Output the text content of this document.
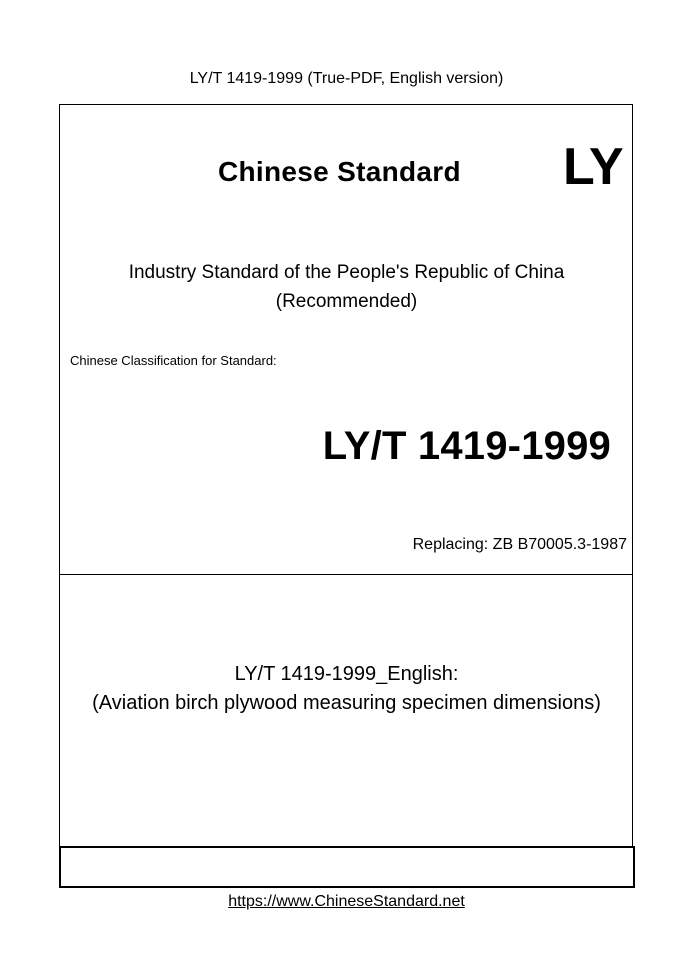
LY/T 1419-1999 (True-PDF, English version)
Chinese Standard LY
Industry Standard of the People's Republic of China
(Recommended)
Chinese Classification for Standard:
LY/T 1419-1999
Replacing: ZB B70005.3-1987
LY/T 1419-1999_English:
(Aviation birch plywood measuring specimen dimensions)
https://www.ChineseStandard.net
